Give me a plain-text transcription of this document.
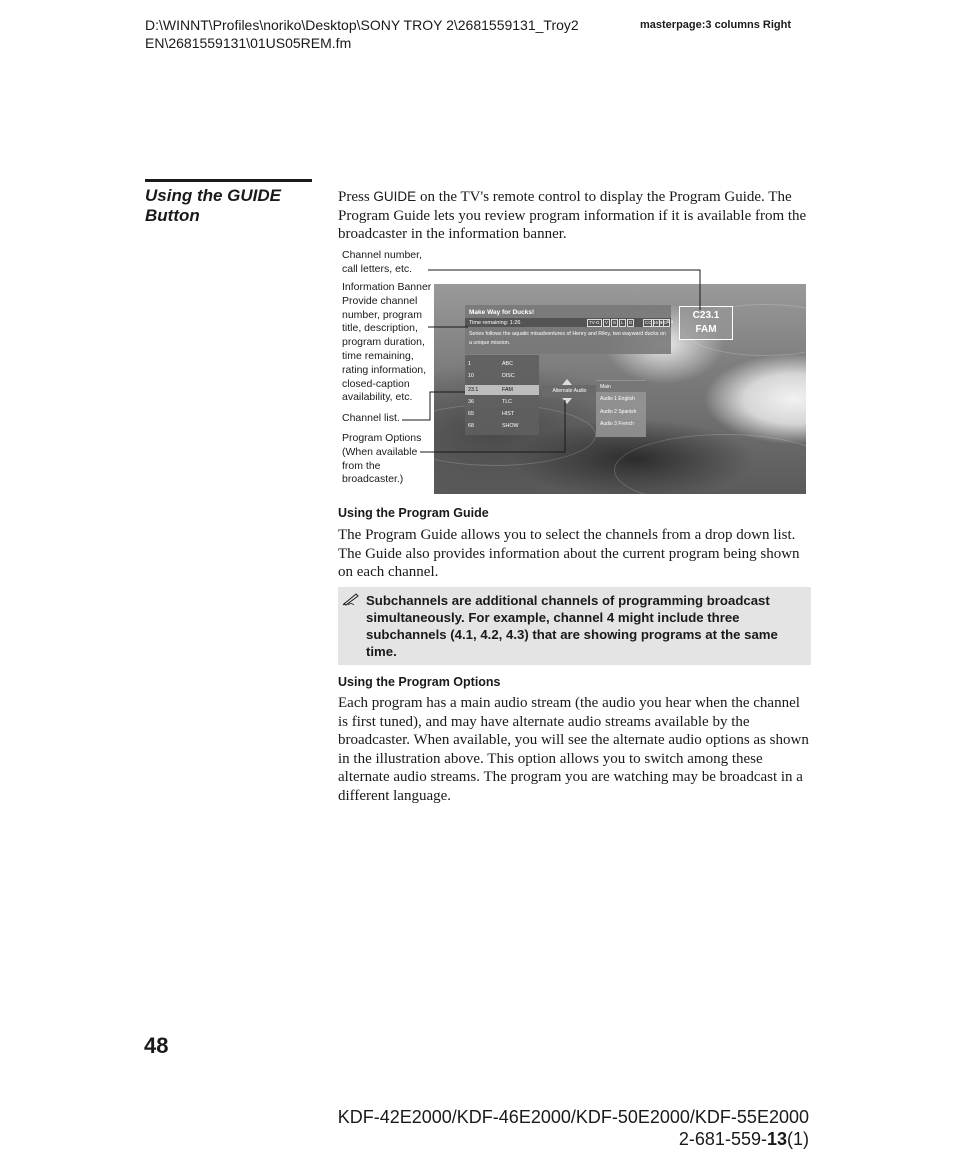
D:\WINNT\Profiles\noriko\Desktop\SONY TROY 2\2681559131_Troy2
EN\2681559131\01US05REM.fm
masterpage:3 columns Right
Using the GUIDE
Button
Press GUIDE on the TV's remote control to display the Program Guide. The Program Guide lets you review program information if it is available from the broadcaster in the information banner.
Channel number, call letters, etc.
Information Banner Provide channel number, program title, description, program duration, time remaining, rating information, closed-caption availability, etc.
Channel list.
Program Options (When available from the broadcaster.)
Make Way for Ducks!
Time remaining: 1:26	TV-G	V	S	L	D	CC 16:9 HD 5.1
Series follows the aquatic misadventures of Henry and Riley, two wayward ducks on a unique mission.
C23.1
FAM
1	ABC
10	DISC
23.1	FAM
36	TLC
65	HIST
68	SHOW
Alternate Audio
Main
Audio 1 English
Audio 2 Spanish
Audio 3 French
Using the Program Guide
The Program Guide allows you to select the channels from a drop down list. The Guide also provides information about the current program being shown on each channel.
Subchannels are additional channels of programming broadcast simultaneously. For example, channel 4 might include three subchannels (4.1, 4.2, 4.3) that are showing programs at the same time.
Using the Program Options
Each program has a main audio stream (the audio you hear when the channel is first tuned), and may have alternate audio streams available by the broadcaster. When available, you will see the alternate audio options as shown in the illustration above. This option allows you to switch among these alternate audio streams. The program you are watching may be broadcast in a different language.
48
KDF-42E2000/KDF-46E2000/KDF-50E2000/KDF-55E2000
2-681-559-13(1)
